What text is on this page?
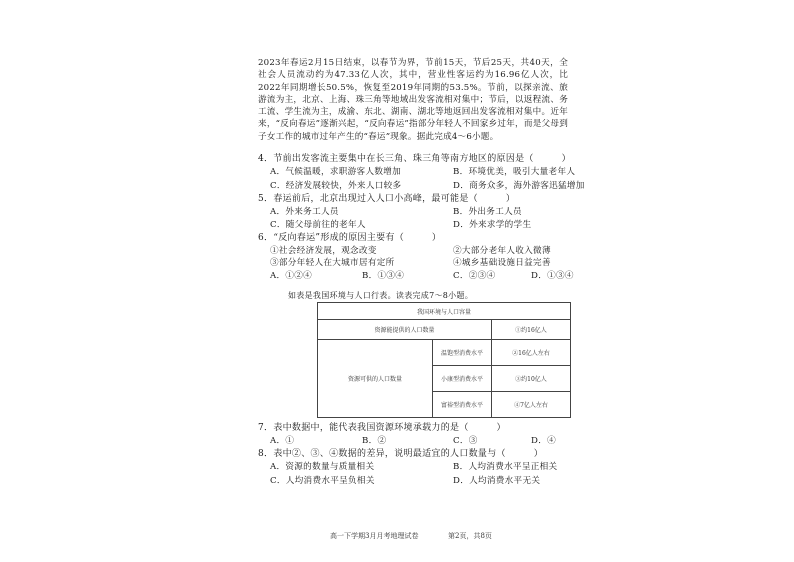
2023年春运2月15日结束，以春节为界，节前15天，节后25天，共40天，全社会人员流动约为47.33亿人次，其中，营业性客运约为16.96亿人次，比2022年同期增长50.5%，恢复至2019年同期的53.5%。节前，以探亲流、旅游流为主，北京、上海、珠三角等地域出发客流相对集中；节后，以返程流、务工流、学生流为主，成渝、东北、湖南、湖北等地返回出发客流相对集中。近年来，“反向春运”逐渐兴起，“反向春运”指部分年轻人不回家乡过年，而是父母到子女工作的城市过年产生的“春运”现象。据此完成4～6小题。
4．节前出发客流主要集中在长三角、珠三角等南方地区的原因是（　　　）
A．气候温暖，求职游客人数增加	B．环境优美，吸引大量老年人
C．经济发展较快，外来人口较多	D．商务众多，海外游客迅猛增加
5．春运前后，北京出现过入人口小高峰，最可能是（　　　）
A．外来务工人员	B．外出务工人员
C．随父母前往的老年人	D．外来求学的学生
6．“反向春运”形成的原因主要有（　　　）
①社会经济发展，观念改变	②大部分老年人收入微薄
③部分年轻人在大城市居有定所	④城乡基础设施日益完善
A．①②④	B．①③④	C．②③④	D．①③④
如表是我国环境与人口行表。读表完成7～8小题。
我国环境与人口容量		
资源能提供的人口数量		①约16亿人
资源可供的人口数量	温饱型消费水平	②16亿人左右
	小康型消费水平	③约10亿人
	富裕型消费水平	④7亿人左右
7．表中数据中，能代表我国资源环境承载力的是（　　　）
A．①	B．②	C．③	D．④
8．表中②、③、④数据的差异，说明最适宜的人口数量与（　　　）
A．资源的数量与质量相关	B．人均消费水平呈正相关
C．人均消费水平呈负相关	D．人均消费水平无关
高一下学期3月月考地理试卷	第2页，共8页
